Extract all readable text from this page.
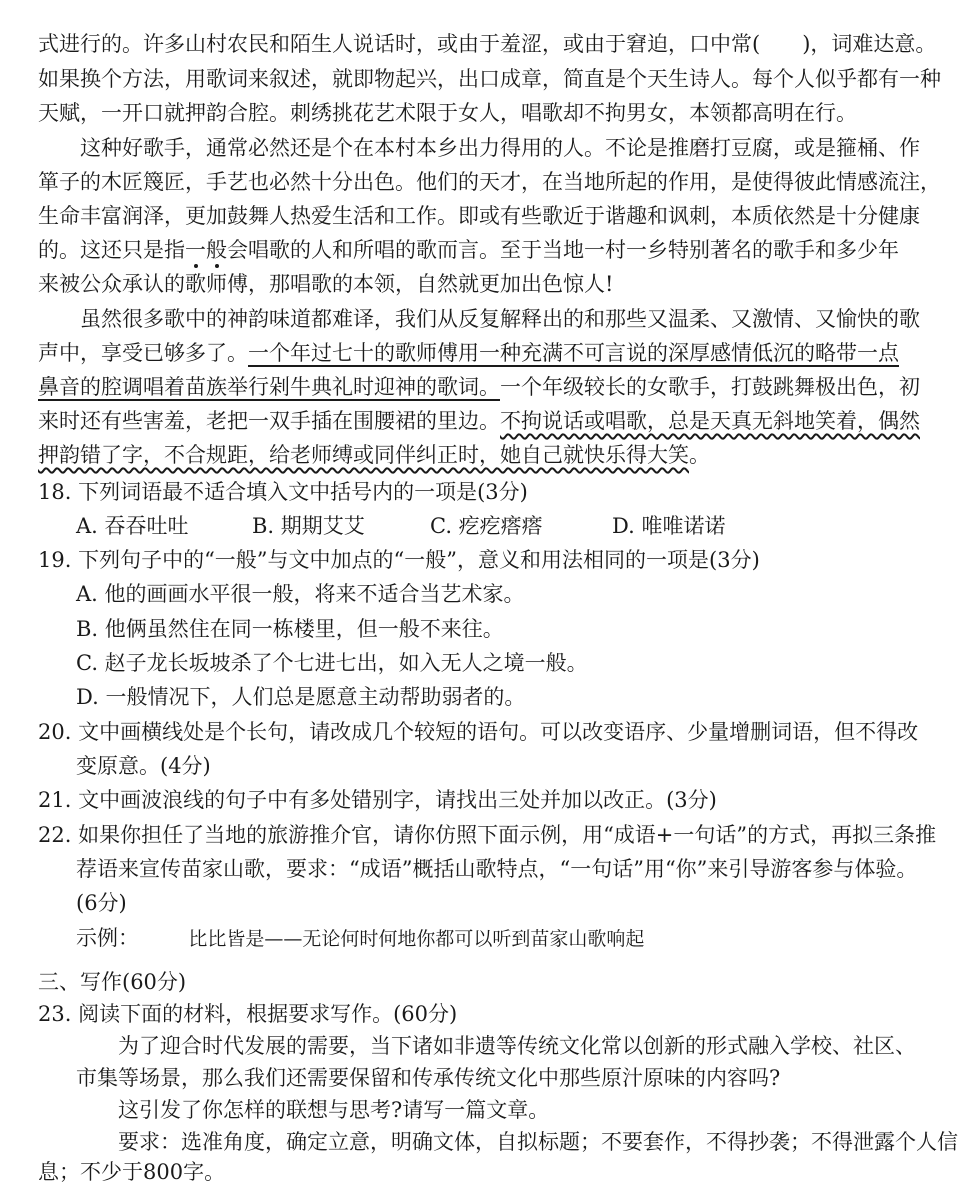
式进行的。许多山村农民和陌生人说话时，或由于羞涩，或由于窘迫，口中常(　　)，词难达意。
如果换个方法，用歌词来叙述，就即物起兴，出口成章，简直是个天生诗人。每个人似乎都有一种
天赋，一开口就押韵合腔。刺绣挑花艺术限于女人，唱歌却不拘男女，本领都高明在行。
这种好歌手，通常必然还是个在本村本乡出力得用的人。不论是推磨打豆腐，或是箍桶、作
箪子的木匠篾匠，手艺也必然十分出色。他们的天才，在当地所起的作用，是使得彼此情感流注，
生命丰富润泽，更加鼓舞人热爱生活和工作。即或有些歌近于谐趣和讽刺，本质依然是十分健康
的。这还只是指一般会唱歌的人和所唱的歌而言。至于当地一村一乡特别著名的歌手和多少年
来被公众承认的歌师傅，那唱歌的本领，自然就更加出色惊人!
虽然很多歌中的神韵味道都难译，我们从反复解释出的和那些又温柔、又激情、又愉快的歌
声中，享受已够多了。一个年过七十的歌师傅用一种充满不可言说的深厚感情低沉的略带一点
鼻音的腔调唱着苗族举行剁牛典礼时迎神的歌词。一个年级较长的女歌手，打鼓跳舞极出色，初
来时还有些害羞，老把一双手插在围腰裙的里边。不拘说话或唱歌，总是天真无斜地笑着，偶然
押韵错了字，不合规距，给老师缚或同伴纠正时，她自己就快乐得大笑。
18. 下列词语最不适合填入文中括号内的一项是(3分)
A. 吞吞吐吐	B. 期期艾艾	C. 疙疙瘩瘩	D. 唯唯诺诺
19. 下列句子中的“一般”与文中加点的“一般”，意义和用法相同的一项是(3分)
A. 他的画画水平很一般，将来不适合当艺术家。
B. 他俩虽然住在同一栋楼里，但一般不来往。
C. 赵子龙长坂坡杀了个七进七出，如入无人之境一般。
D. 一般情况下，人们总是愿意主动帮助弱者的。
20. 文中画横线处是个长句，请改成几个较短的语句。可以改变语序、少量增删词语，但不得改
变原意。(4分)
21. 文中画波浪线的句子中有多处错别字，请找出三处并加以改正。(3分)
22. 如果你担任了当地的旅游推介官，请你仿照下面示例，用“成语+一句话”的方式，再拟三条推
荐语来宣传苗家山歌，要求：“成语”概括山歌特点，“一句话”用“你”来引导游客参与体验。
(6分)
示例：	比比皆是——无论何时何地你都可以听到苗家山歌响起
三、写作(60分)
23. 阅读下面的材料，根据要求写作。(60分)
为了迎合时代发展的需要，当下诸如非遗等传统文化常以创新的形式融入学校、社区、
市集等场景，那么我们还需要保留和传承传统文化中那些原汁原味的内容吗?
这引发了你怎样的联想与思考?请写一篇文章。
要求：选准角度，确定立意，明确文体，自拟标题；不要套作，不得抄袭；不得泄露个人信
息；不少于800字。
